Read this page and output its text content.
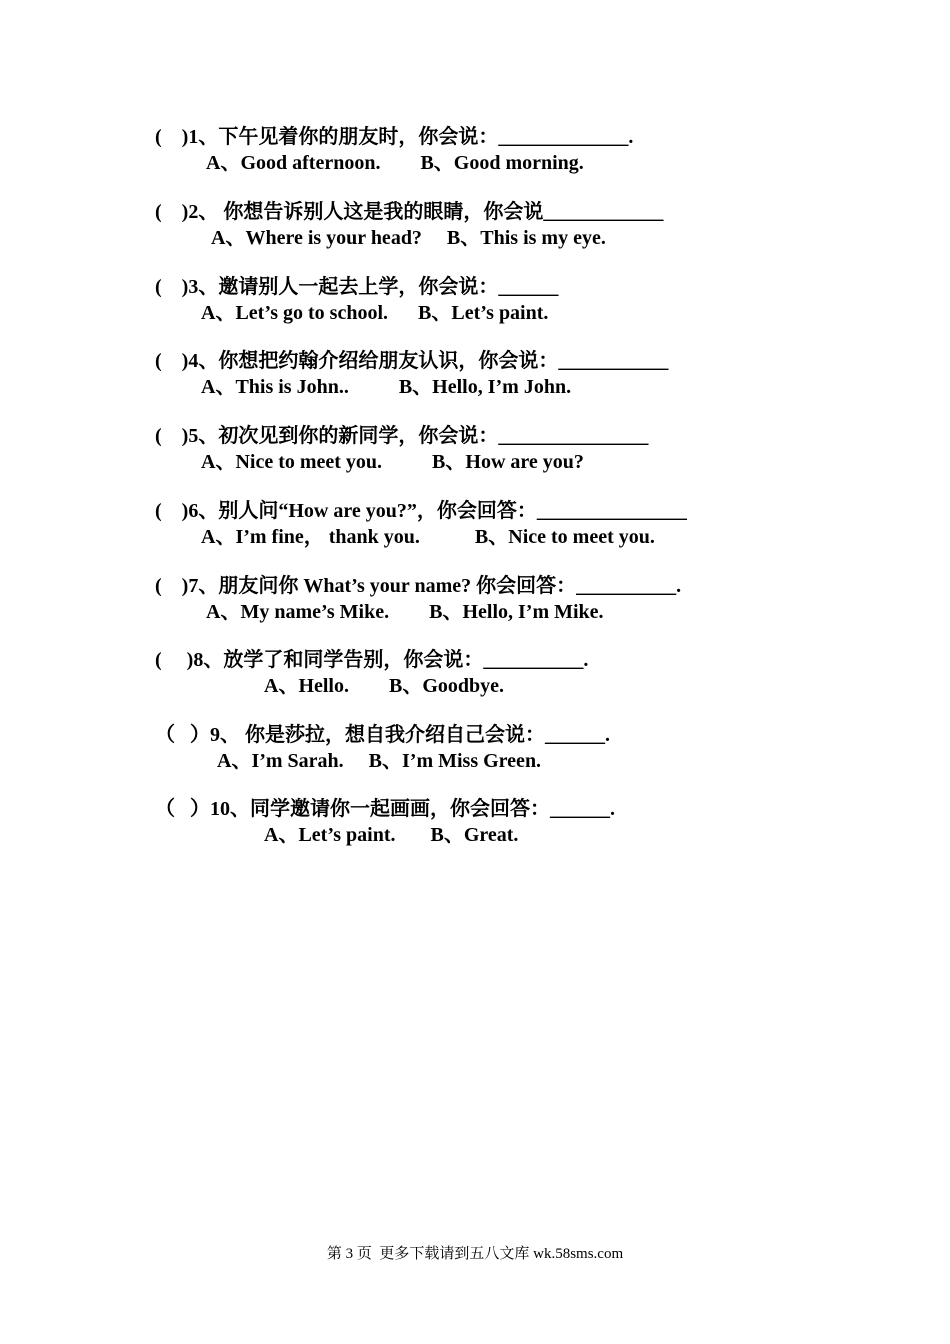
(    )1、下午见着你的朋友时，你会说：_____________.

A、Good afternoon.        B、Good morning.

(    )2、 你想告诉别人这是我的眼睛，你会说____________

A、Where is your head?     B、This is my eye.

(    )3、邀请别人一起去上学，你会说：______

A、Let’s go to school.      B、Let’s paint.

(    )4、你想把约翰介绍给朋友认识，你会说：___________

A、This is John..          B、Hello, I’m John.

(    )5、初次见到你的新同学，你会说：_______________

A、Nice to meet you.          B、How are you?

(    )6、别人问“How are you?”，你会回答：_______________

A、I’m fine， thank you.           B、Nice to meet you.

(    )7、朋友问你 What’s your name? 你会回答：__________.

A、My name’s Mike.        B、Hello, I’m Mike.

(     )8、放学了和同学告别，你会说：__________.

A、Hello.        B、Goodbye.

（   ）9、 你是莎拉，想自我介绍自己会说：______.

A、I’m Sarah.     B、I’m Miss Green.

（   ）10、同学邀请你一起画画，你会回答：______.

A、Let’s paint.       B、Great.

第 3 页  更多下载请到五八文库 wk.58sms.com
